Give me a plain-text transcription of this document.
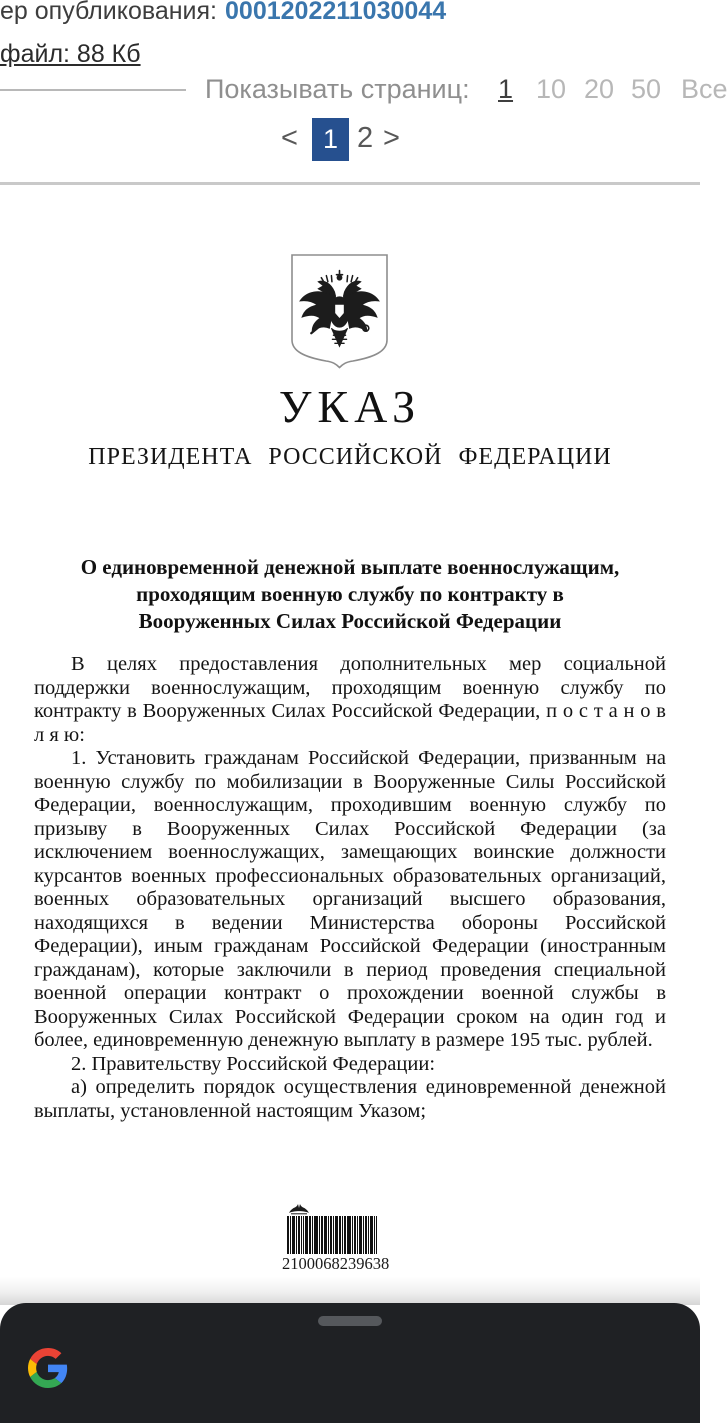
ер опубликования: 0001202211030044
файл: 88 Кб
Показывать страниц: 1 10 20 50 Все
< 1 2 >
УКАЗ
ПРЕЗИДЕНТА РОССИЙСКОЙ ФЕДЕРАЦИИ
О единовременной денежной выплате военнослужащим,
проходящим военную службу по контракту в
Вооруженных Силах Российской Федерации

В целях предоставления дополнительных мер социальной поддержки военнослужащим, проходящим военную службу по контракту в Вооруженных Силах Российской Федерации, п о с т а н о в л я ю:

1. Установить гражданам Российской Федерации, призванным на военную службу по мобилизации в Вооруженные Силы Российской Федерации, военнослужащим, проходившим военную службу по призыву в Вооруженных Силах Российской Федерации (за исключением военнослужащих, замещающих воинские должности курсантов военных профессиональных образовательных организаций, военных образовательных организаций высшего образования, находящихся в ведении Министерства обороны Российской Федерации), иным гражданам Российской Федерации (иностранным гражданам), которые заключили в период проведения специальной военной операции контракт о прохождении военной службы в Вооруженных Силах Российской Федерации сроком на один год и более, единовременную денежную выплату в размере 195 тыс. рублей.

2. Правительству Российской Федерации:

а) определить порядок осуществления единовременной денежной выплаты, установленной настоящим Указом;

2 100068 23963 8
